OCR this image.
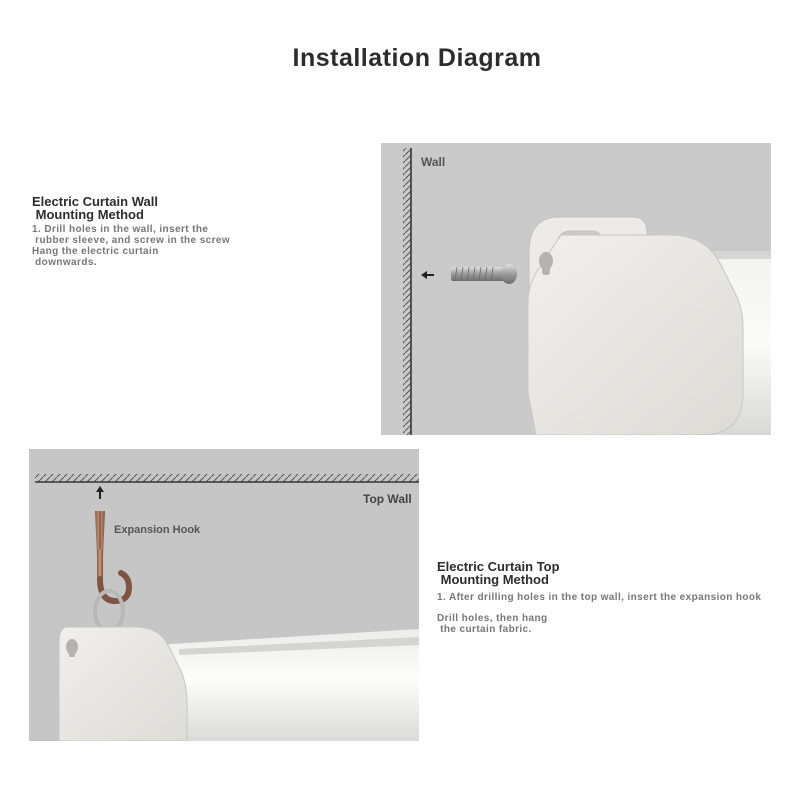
Installation Diagram
Electric Curtain Wall
Mounting Method
1. Drill holes in the wall, insert the
rubber sleeve, and screw in the screw
Hang the electric curtain
downwards.
Wall
Expansion Hook
Top Wall
Electric Curtain Top
Mounting Method
1. After drilling holes in the top wall, insert the expansion hook
Drill holes, then hang
the curtain fabric.
